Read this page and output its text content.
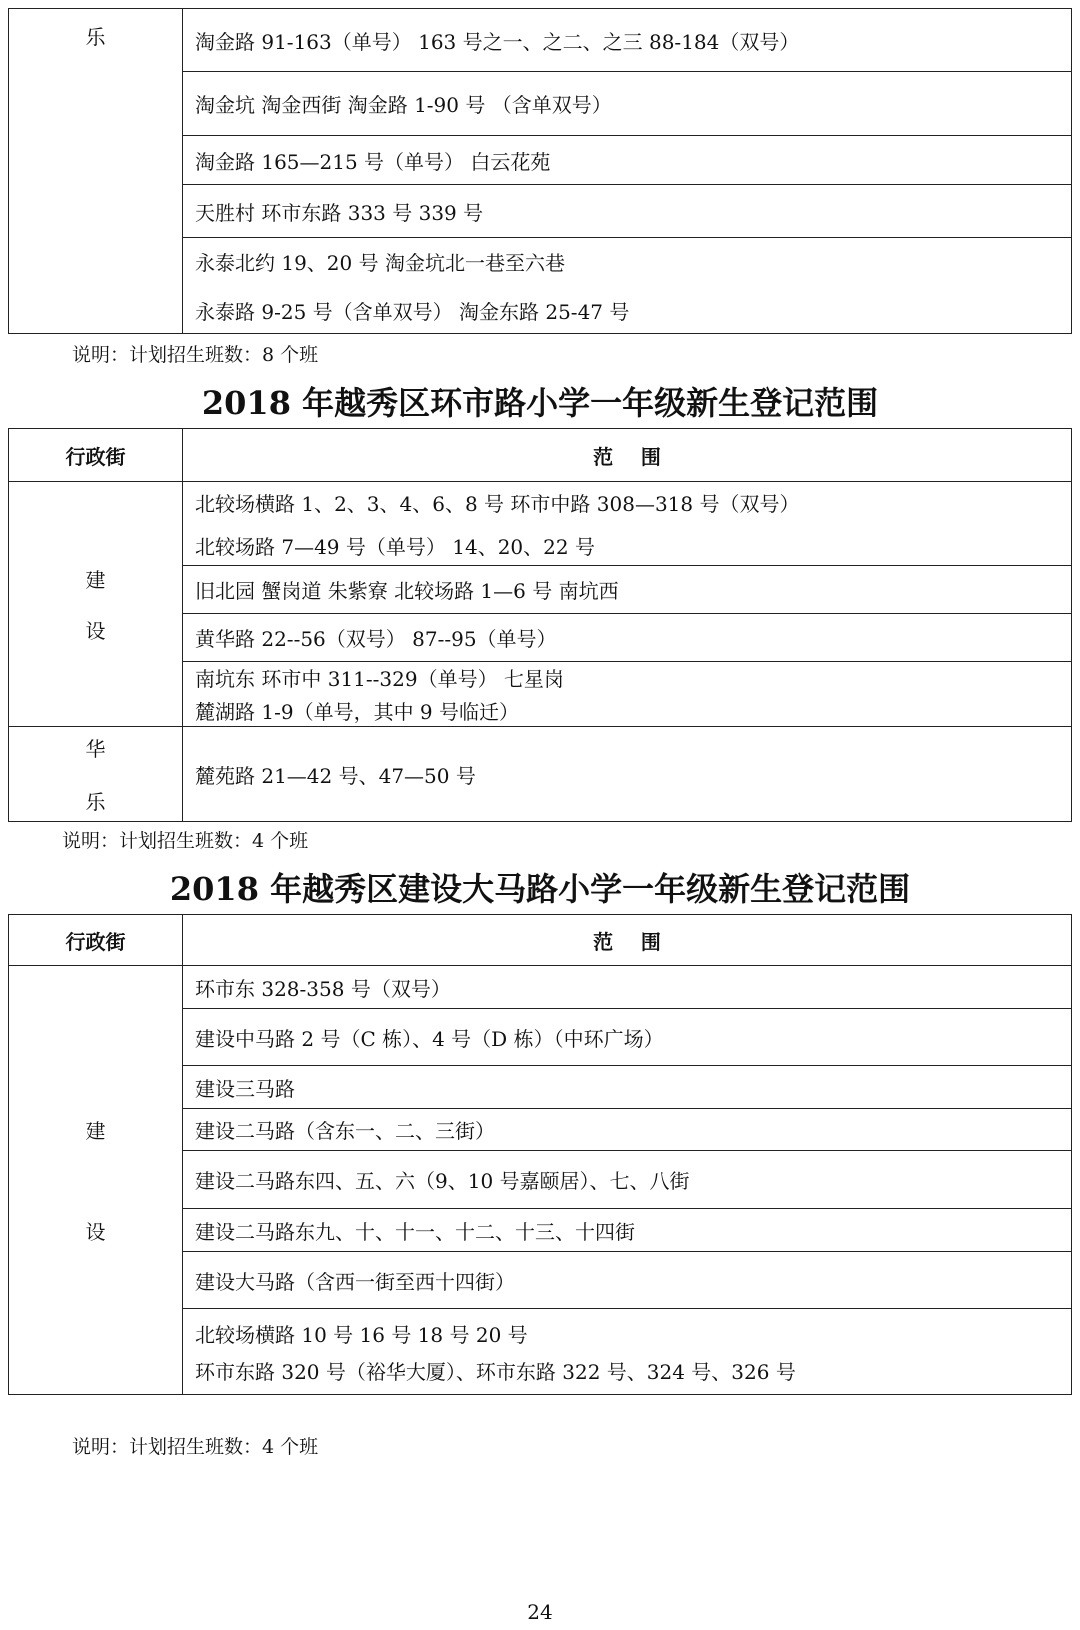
乐	淘金路 91-163（单号） 163 号之一、之二、之三 88-184（双号）

淘金坑 淘金西街 淘金路 1-90 号 （含单双号）

淘金路 165—215 号（单号） 白云花苑

天胜村 环市东路 333 号 339 号

永泰北约 19、20 号 淘金坑北一巷至六巷
永泰路 9-25 号（含单双号） 淘金东路 25-47 号
说明：计划招生班数：8 个班
2018 年越秀区环市路小学一年级新生登记范围
行政街	范    围

建
设	北较场横路 1、2、3、4、6、8 号 环市中路 308—318 号（双号）
北较场路 7—49 号（单号） 14、20、22 号

	旧北园 蟹岗道 朱紫寮 北较场路 1—6 号 南坑西

	黄华路 22--56（双号） 87--95（单号）

	南坑东 环市中 311--329（单号） 七星岗
麓湖路 1-9（单号，其中 9 号临迁）

华
乐	麓苑路 21—42 号、47—50 号
说明：计划招生班数：4 个班
2018 年越秀区建设大马路小学一年级新生登记范围
行政街	范    围

建
设	环市东 328-358 号（双号）

	建设中马路 2 号（C 栋）、4 号（D 栋）（中环广场）

	建设三马路

	建设二马路（含东一、二、三街）

	建设二马路东四、五、六（9、10 号嘉颐居）、七、八街

	建设二马路东九、十、十一、十二、十三、十四街

	建设大马路（含西一街至西十四街）

	北较场横路 10 号 16 号 18 号 20 号
环市东路 320 号（裕华大厦）、环市东路 322 号、324 号、326 号
说明：计划招生班数：4 个班
24
